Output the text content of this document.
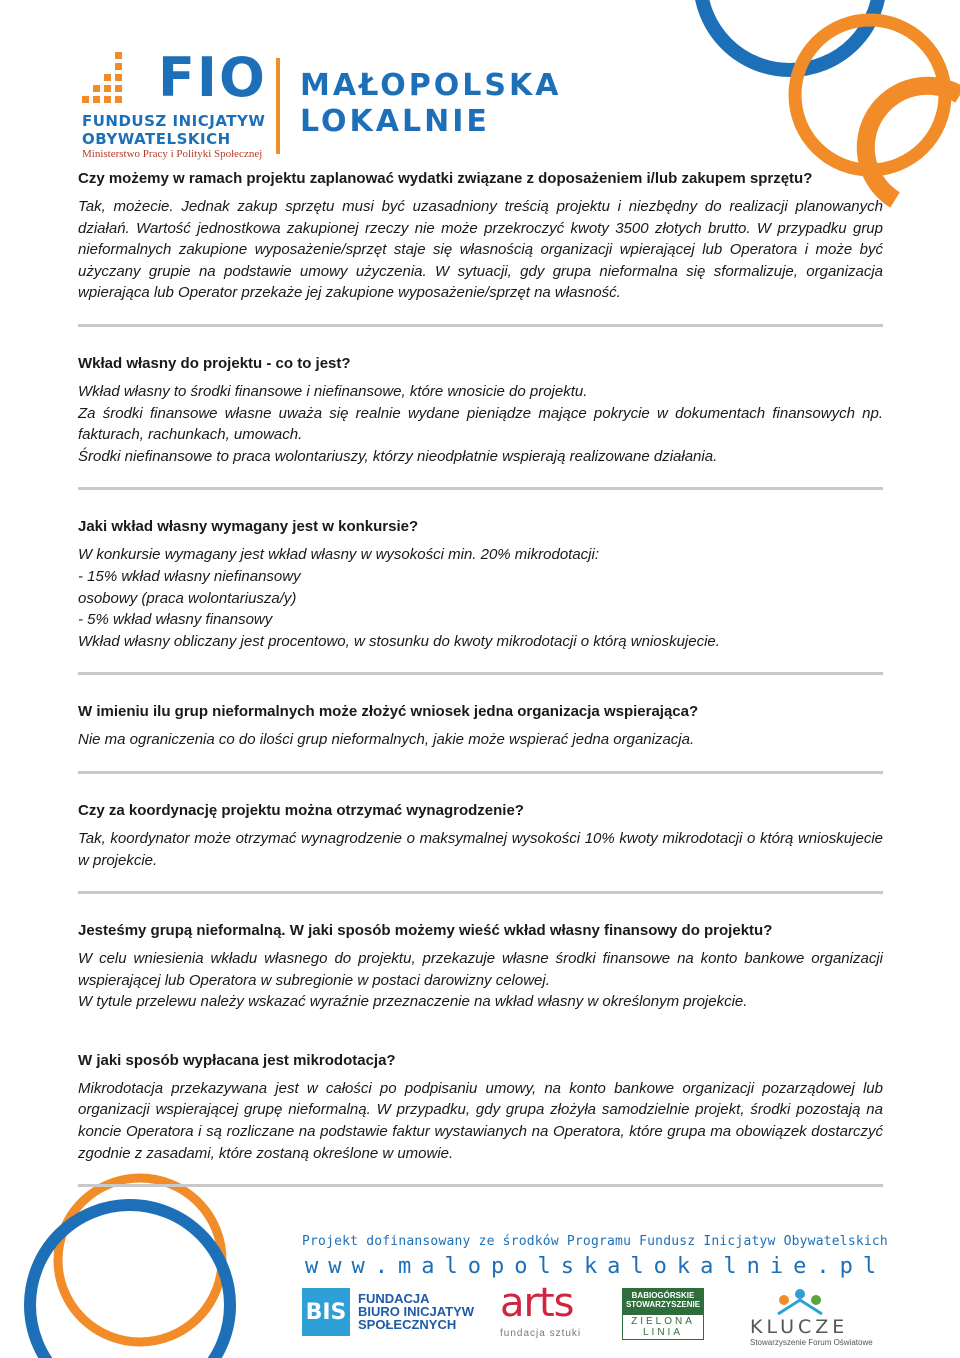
FIO
FUNDUSZ INICJATYW
OBYWATELSKICH
Ministerstwo Pracy i Polityki Społecznej
MAŁOPOLSKA
LOKALNIE

Czy możemy w ramach projektu zaplanować wydatki związane z doposażeniem i/lub zakupem sprzętu?

Tak, możecie. Jednak zakup sprzętu musi być uzasadniony treścią projektu i niezbędny do realizacji planowanych działań. Wartość jednostkowa zakupionej rzeczy nie może przekroczyć kwoty 3500 złotych brutto. W przypadku grup nieformalnych zakupione wyposażenie/sprzęt staje się własnością organizacji wpierającej lub Operatora i może być użyczany grupie na podstawie umowy użyczenia. W sytuacji, gdy grupa nieformalna się sformalizuje, organizacja wpierająca lub Operator przekaże jej zakupione wyposażenie/sprzęt na własność.

Wkład własny do projektu - co to jest?

Wkład własny to środki finansowe i niefinansowe, które wnosicie do projektu.

Za środki finansowe własne uważa się realnie wydane pieniądze mające pokrycie w dokumentach finansowych np. fakturach, rachunkach, umowach.

Środki niefinansowe to praca wolontariuszy, którzy nieodpłatnie wspierają realizowane działania.

Jaki wkład własny wymagany jest w konkursie?

W konkursie wymagany jest wkład własny w wysokości min. 20% mikrodotacji:

- 15% wkład własny niefinansowy

osobowy (praca wolontariusza/y)

- 5% wkład własny finansowy

Wkład własny obliczany jest procentowo, w stosunku do kwoty mikrodotacji o którą wnioskujecie.

W imieniu ilu grup nieformalnych może złożyć wniosek jedna organizacja wspierająca?

Nie ma ograniczenia co do ilości grup nieformalnych, jakie może wspierać jedna organizacja.

Czy za koordynację projektu można otrzymać wynagrodzenie?

Tak, koordynator może otrzymać wynagrodzenie o maksymalnej wysokości 10% kwoty mikrodotacji o którą wnioskujecie w projekcie.

Jesteśmy grupą nieformalną. W jaki sposób możemy wieść wkład własny finansowy do projektu?

W celu wniesienia wkładu własnego do projektu, przekazuje własne środki finansowe na konto bankowe organizacji wspierającej lub Operatora w subregionie w postaci darowizny celowej.

W tytule przelewu należy wskazać wyraźnie przeznaczenie na wkład własny w określonym projekcie.

W jaki sposób wypłacana jest mikrodotacja?

Mikrodotacja przekazywana jest w całości po podpisaniu umowy, na konto bankowe organizacji pozarządowej lub organizacji wspierającej grupę nieformalną. W przypadku, gdy grupa złożyła samodzielnie projekt, środki pozostają na koncie Operatora i są rozliczane na podstawie faktur wystawianych na Operatora, które grupa ma obowiązek dostarczyć zgodnie z zasadami, które zostaną określone w umowie.

Projekt dofinansowany ze środków Programu Fundusz Inicjatyw Obywatelskich
www.malopolskalokalnie.pl
BIS
FUNDACJA
BIURO INICJATYW
SPOŁECZNYCH	arts
fundacja sztuki
BABIOGÓRSKIE
STOWARZYSZENIE
ZIELONA
LINIA	KLUCZE
Stowarzyszenie Forum Oświatowe
